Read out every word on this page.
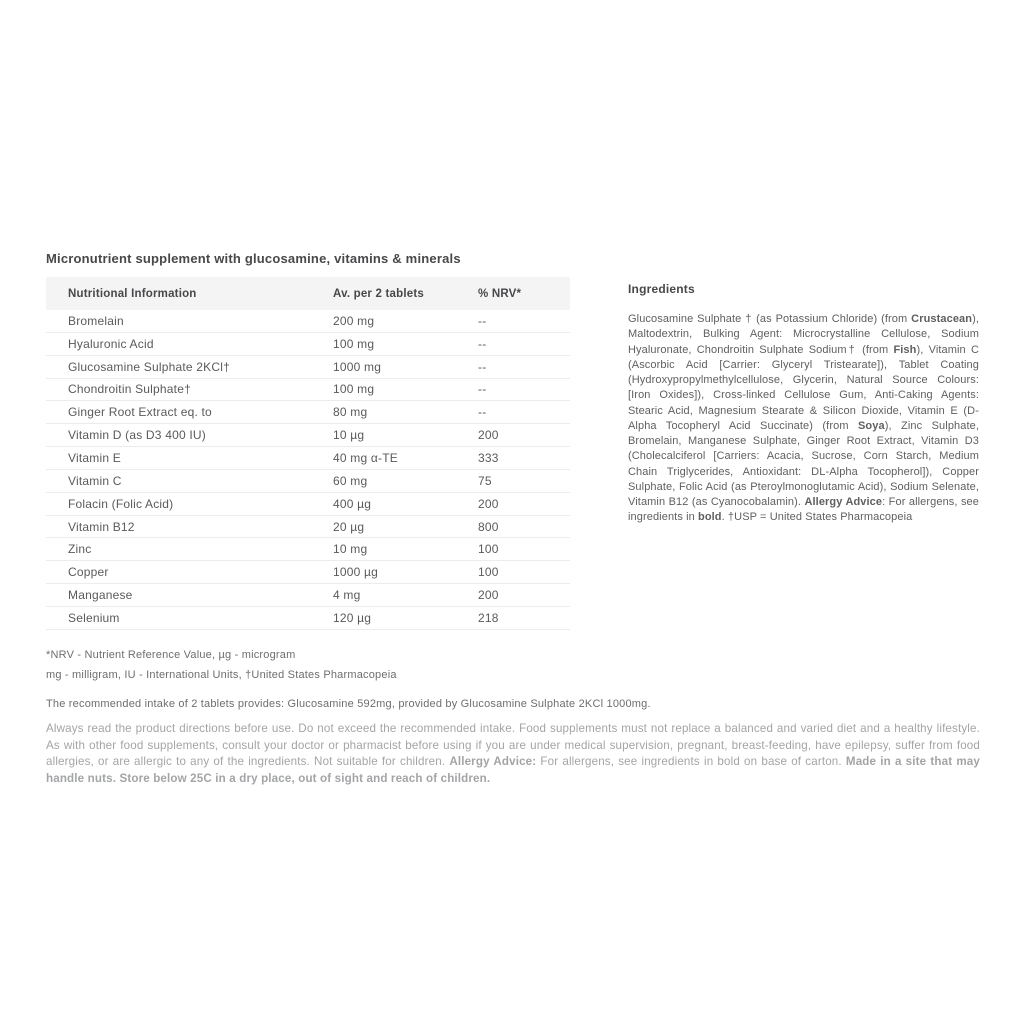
Micronutrient supplement with glucosamine, vitamins & minerals
Nutritional Information	Av. per 2 tablets	% NRV*
Bromelain	200 mg	--
Hyaluronic Acid	100 mg	--
Glucosamine Sulphate 2KCl†	1000 mg	--
Chondroitin Sulphate†	100 mg	--
Ginger Root Extract eq. to	80 mg	--
Vitamin D (as D3 400 IU)	10 µg	200
Vitamin E	40 mg α-TE	333
Vitamin C	60 mg	75
Folacin (Folic Acid)	400 µg	200
Vitamin B12	20 µg	800
Zinc	10 mg	100
Copper	1000 µg	100
Manganese	4 mg	200
Selenium	120 µg	218

*NRV - Nutrient Reference Value, µg - microgram

mg - milligram, IU - International Units, †United States Pharmacopeia

The recommended intake of 2 tablets provides: Glucosamine 592mg, provided by Glucosamine Sulphate 2KCl 1000mg.

Always read the product directions before use. Do not exceed the recommended intake. Food supplements must not replace a balanced and varied diet and a healthy lifestyle. As with other food supplements, consult your doctor or pharmacist before using if you are under medical supervision, pregnant, breast-feeding, have epilepsy, suffer from food allergies, or are allergic to any of the ingredients. Not suitable for children. Allergy Advice: For allergens, see ingredients in bold on base of carton. Made in a site that may handle nuts. Store below 25C in a dry place, out of sight and reach of children.

Ingredients

Glucosamine Sulphate † (as Potassium Chloride) (from Crustacean), Maltodextrin, Bulking Agent: Microcrystalline Cellulose, Sodium Hyaluronate, Chondroitin Sulphate Sodium† (from Fish), Vitamin C (Ascorbic Acid [Carrier: Glyceryl Tristearate]), Tablet Coating (Hydroxypropylmethylcellulose, Glycerin, Natural Source Colours: [Iron Oxides]), Cross-linked Cellulose Gum, Anti-Caking Agents: Stearic Acid, Magnesium Stearate & Silicon Dioxide, Vitamin E (D-Alpha Tocopheryl Acid Succinate) (from Soya), Zinc Sulphate, Bromelain, Manganese Sulphate, Ginger Root Extract, Vitamin D3 (Cholecalciferol [Carriers: Acacia, Sucrose, Corn Starch, Medium Chain Triglycerides, Antioxidant: DL-Alpha Tocopherol]), Copper Sulphate, Folic Acid (as Pteroylmonoglutamic Acid), Sodium Selenate, Vitamin B12 (as Cyanocobalamin). Allergy Advice: For allergens, see ingredients in bold. †USP = United States Pharmacopeia
